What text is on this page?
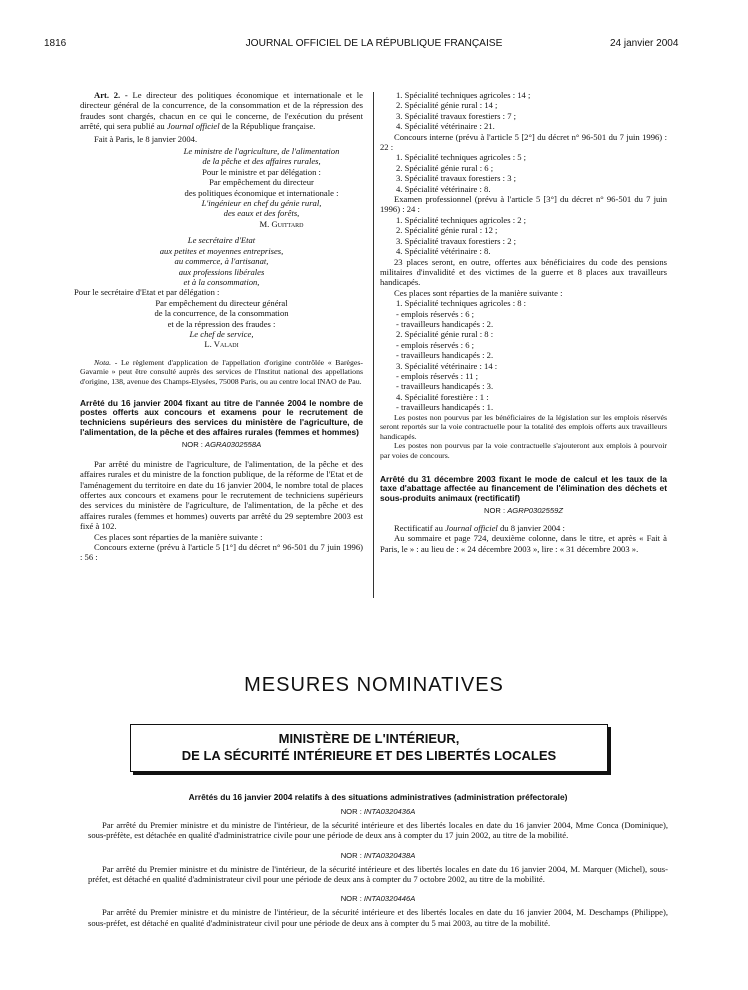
1816	JOURNAL OFFICIEL DE LA RÉPUBLIQUE FRANÇAISE	24 janvier 2004

Art. 2. - Le directeur des politiques économique et internationale et le directeur général de la concurrence, de la consommation et de la répression des fraudes sont chargés, chacun en ce qui le concerne, de l'exécution du présent arrêté, qui sera publié au Journal officiel de la République française.

Fait à Paris, le 8 janvier 2004.

Le ministre de l'agriculture, de l'alimentation

de la pêche et des affaires rurales,

Pour le ministre et par délégation :

Par empêchement du directeur

des politiques économique et internationale :

L'ingénieur en chef du génie rural,

des eaux et des forêts,

M. Guittard

Le secrétaire d'Etat

aux petites et moyennes entreprises,

au commerce, à l'artisanat,

aux professions libérales

et à la consommation,

Pour le secrétaire d'Etat et par délégation :

Par empêchement du directeur général

de la concurrence, de la consommation

et de la répression des fraudes :

Le chef de service,

L. Valadi

Nota. - Le règlement d'application de l'appellation d'origine contrôlée « Barèges-Gavarnie » peut être consulté auprès des services de l'Institut national des appellations d'origine, 138, avenue des Champs-Elysées, 75008 Paris, ou au centre local INAO de Pau.

Arrêté du 16 janvier 2004 fixant au titre de l'année 2004 le nombre de postes offerts aux concours et examens pour le recrutement de techniciens supérieurs des services du ministère de l'agriculture, de l'alimentation, de la pêche et des affaires rurales (femmes et hommes)

NOR : AGRA0302558A

Par arrêté du ministre de l'agriculture, de l'alimentation, de la pêche et des affaires rurales et du ministre de la fonction publique, de la réforme de l'Etat et de l'aménagement du territoire en date du 16 janvier 2004, le nombre total de places offertes aux concours et examens pour le recrutement de techniciens supérieurs des services du ministère de l'agriculture, de l'alimentation, de la pêche et des affaires rurales (femmes et hommes) ouverts par arrêté du 29 septembre 2003 est fixé à 102.

Ces places sont réparties de la manière suivante :

Concours externe (prévu à l'article 5 [1°] du décret n° 96-501 du 7 juin 1996) : 56 :

1. Spécialité techniques agricoles : 14 ;

2. Spécialité génie rural : 14 ;

3. Spécialité travaux forestiers : 7 ;

4. Spécialité vétérinaire : 21.

Concours interne (prévu à l'article 5 [2°] du décret n° 96-501 du 7 juin 1996) : 22 :

1. Spécialité techniques agricoles : 5 ;

2. Spécialité génie rural : 6 ;

3. Spécialité travaux forestiers : 3 ;

4. Spécialité vétérinaire : 8.

Examen professionnel (prévu à l'article 5 [3°] du décret n° 96-501 du 7 juin 1996) : 24 :

1. Spécialité techniques agricoles : 2 ;

2. Spécialité génie rural : 12 ;

3. Spécialité travaux forestiers : 2 ;

4. Spécialité vétérinaire : 8.

23 places seront, en outre, offertes aux bénéficiaires du code des pensions militaires d'invalidité et des victimes de la guerre et 8 places aux travailleurs handicapés.

Ces places sont réparties de la manière suivante :

1. Spécialité techniques agricoles : 8 :

- emplois réservés : 6 ;

- travailleurs handicapés : 2.

2. Spécialité génie rural : 8 :

- emplois réservés : 6 ;

- travailleurs handicapés : 2.

3. Spécialité vétérinaire : 14 :

- emplois réservés : 11 ;

- travailleurs handicapés : 3.

4. Spécialité forestière : 1 :

- travailleurs handicapés : 1.

Les postes non pourvus par les bénéficiaires de la législation sur les emplois réservés seront reportés sur la voie contractuelle pour la totalité des emplois offerts aux travailleurs handicapés.

Les postes non pourvus par la voie contractuelle s'ajouteront aux emplois à pourvoir par voies de concours.

Arrêté du 31 décembre 2003 fixant le mode de calcul et les taux de la taxe d'abattage affectée au financement de l'élimination des déchets et sous-produits animaux (rectificatif)

NOR : AGRP0302559Z

Rectificatif au Journal officiel du 8 janvier 2004 :

Au sommaire et page 724, deuxième colonne, dans le titre, et après « Fait à Paris, le » : au lieu de : « 24 décembre 2003 », lire : « 31 décembre 2003 ».

MESURES NOMINATIVES
MINISTÈRE DE L'INTÉRIEUR,
DE LA SÉCURITÉ INTÉRIEURE ET DES LIBERTÉS LOCALES

Arrêtés du 16 janvier 2004 relatifs à des situations administratives (administration préfectorale)

NOR : INTA0320436A

Par arrêté du Premier ministre et du ministre de l'intérieur, de la sécurité intérieure et des libertés locales en date du 16 janvier 2004, Mme Conca (Dominique), sous-préfète, est détachée en qualité d'administratrice civile pour une période de deux ans à compter du 17 juin 2002, au titre de la mobilité.

NOR : INTA0320438A

Par arrêté du Premier ministre et du ministre de l'intérieur, de la sécurité intérieure et des libertés locales en date du 16 janvier 2004, M. Marquer (Michel), sous-préfet, est détaché en qualité d'administrateur civil pour une période de deux ans à compter du 7 octobre 2002, au titre de la mobilité.

NOR : INTA0320446A

Par arrêté du Premier ministre et du ministre de l'intérieur, de la sécurité intérieure et des libertés locales en date du 16 janvier 2004, M. Deschamps (Philippe), sous-préfet, est détaché en qualité d'administrateur civil pour une période de deux ans à compter du 5 mai 2003, au titre de la mobilité.
